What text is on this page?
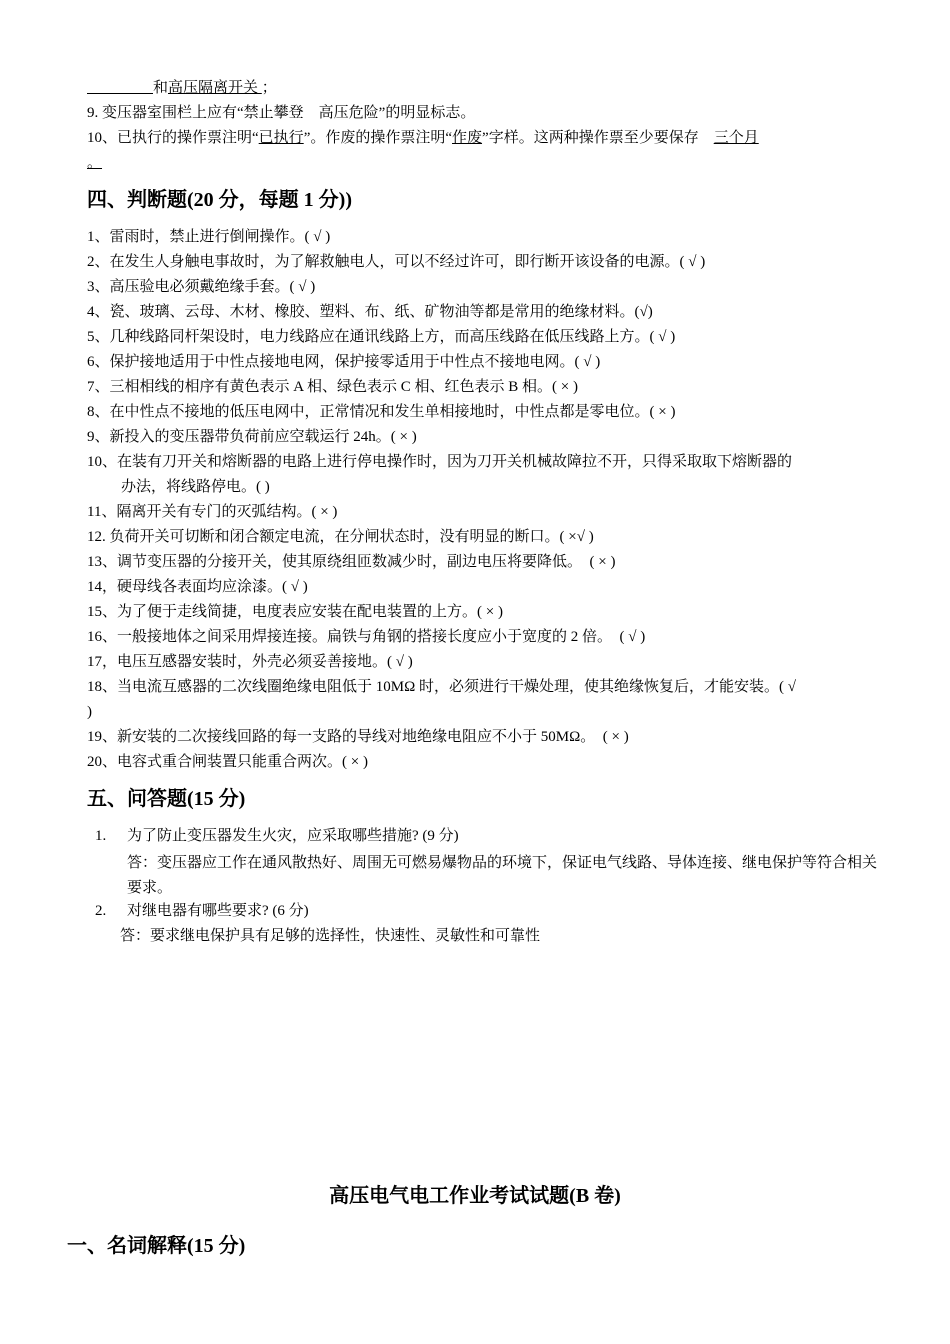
和高压隔离开关 ；
9. 变压器室围栏上应有“禁止攀登　高压危险”的明显标志。
10、已执行的操作票注明“已执行”。作废的操作票注明“作废”字样。这两种操作票至少要保存　三个月
。
四、判断题(20 分，每题 1 分))
1、雷雨时，禁止进行倒闸操作。( √ )
2、在发生人身触电事故时，为了解救触电人，可以不经过许可，即行断开该设备的电源。( √ )
3、高压验电必须戴绝缘手套。( √ )
4、瓷、玻璃、云母、木材、橡胶、塑料、布、纸、矿物油等都是常用的绝缘材料。(√)
5、几种线路同杆架设时，电力线路应在通讯线路上方，而高压线路在低压线路上方。( √ )
6、保护接地适用于中性点接地电网，保护接零适用于中性点不接地电网。( √ )
7、三相相线的相序有黄色表示 A 相、绿色表示 C 相、红色表示 B 相。( × )
8、在中性点不接地的低压电网中，正常情况和发生单相接地时，中性点都是零电位。( × )
9、新投入的变压器带负荷前应空载运行 24h。( × )
10、在装有刀开关和熔断器的电路上进行停电操作时，因为刀开关机械故障拉不开，只得采取取下熔断器的
办法，将线路停电。( )
11、隔离开关有专门的灭弧结构。( × )
12. 负荷开关可切断和闭合额定电流，在分闸状态时，没有明显的断口。( ×√ )
13、调节变压器的分接开关，使其原绕组匝数减少时，副边电压将要降低。　( × )
14，硬母线各表面均应涂漆。( √ )
15、为了便于走线简捷，电度表应安装在配电装置的上方。( × )
16、一般接地体之间采用焊接连接。扁铁与角钢的搭接长度应小于宽度的 2 倍。　( √ )
17，电压互感器安装时，外壳必须妥善接地。( √ )
18、当电流互感器的二次线圈绝缘电阻低于 10MΩ 时，必须进行干燥处理，使其绝缘恢复后，才能安装。( √
)
19、新安装的二次接线回路的每一支路的导线对地绝缘电阻应不小于 50MΩ。　( × )
20、电容式重合闸装置只能重合两次。( × )
五、问答题(15 分)
1.	为了防止变压器发生火灾，应采取哪些措施? (9 分)
答：变压器应工作在通风散热好、周围无可燃易爆物品的环境下，保证电气线路、导体连接、继电保护等符合相关要求。
2.	对继电器有哪些要求? (6 分)
答：要求继电保护具有足够的选择性，快速性、灵敏性和可靠性
高压电气电工作业考试试题(B 卷)
一、名词解释(15 分)
